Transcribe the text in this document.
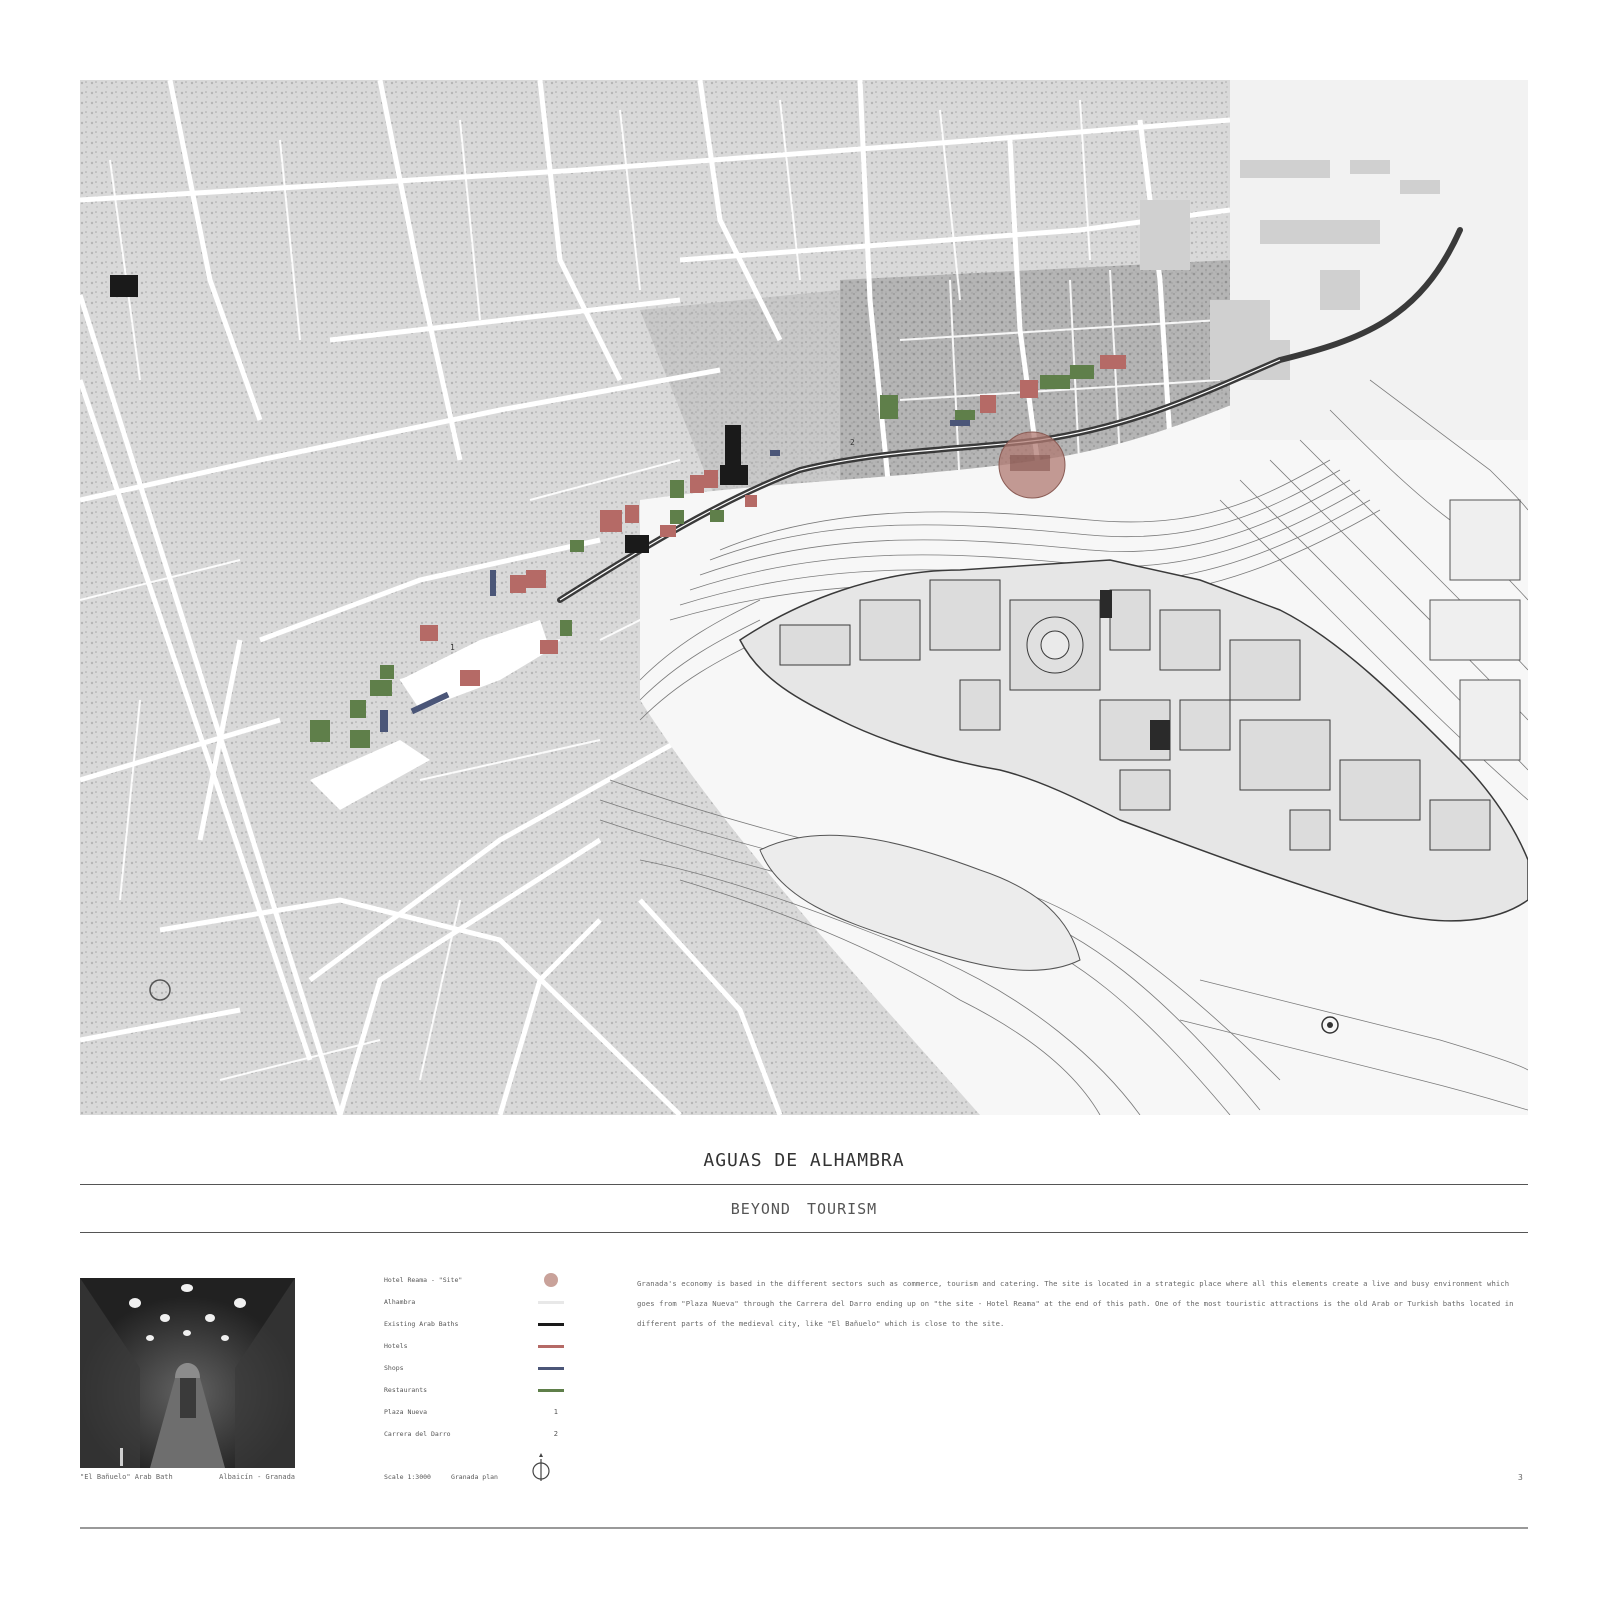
1
2
AGUAS DE ALHAMBRA
BEYOND TOURISM
"El Bañuelo" Arab Bath	Albaicín - Granada
Hotel Reama - "Site"
Alhambra
Existing Arab Baths
Hotels
Shops
Restaurants
Plaza Nueva	1
Carrera del Darro	2
Scale 1:3000	Granada plan
Granada's economy is based in the different sectors such as commerce, tourism and catering. The site is located in a strategic place where all this elements create a live and busy environment which goes from "Plaza Nueva" through the Carrera del Darro ending up on "the site - Hotel Reama" at the end of this path. One of the most touristic attractions is the old Arab or Turkish baths located in different parts of the medieval city, like "El Bañuelo" which is close to the site.
3
